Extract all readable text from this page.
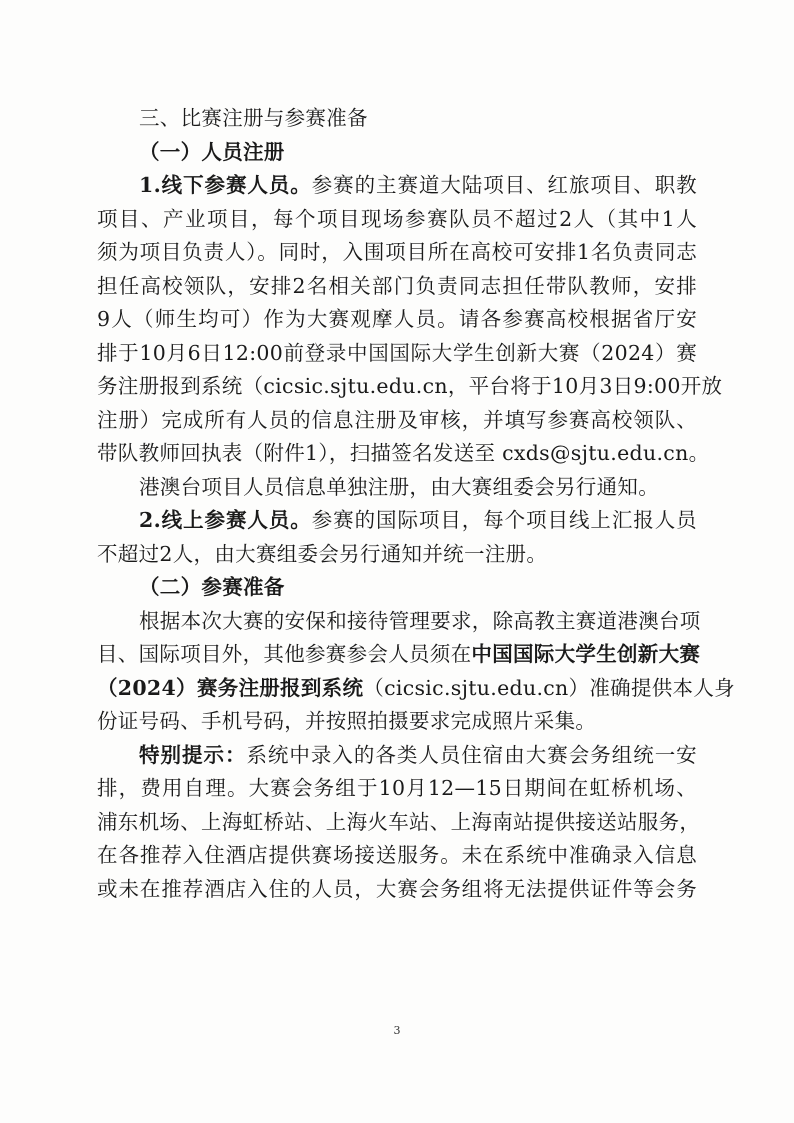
三、比赛注册与参赛准备
（一）人员注册
1.线下参赛人员。参赛的主赛道大陆项目、红旅项目、职教
项目、产业项目，每个项目现场参赛队员不超过2人（其中1人
须为项目负责人）。同时，入围项目所在高校可安排1名负责同志
担任高校领队，安排2名相关部门负责同志担任带队教师，安排
9人（师生均可）作为大赛观摩人员。请各参赛高校根据省厅安
排于10月6日12:00前登录中国国际大学生创新大赛（2024）赛
务注册报到系统（cicsic.sjtu.edu.cn，平台将于10月3日9:00开放
注册）完成所有人员的信息注册及审核，并填写参赛高校领队、
带队教师回执表（附件1），扫描签名发送至 cxds@sjtu.edu.cn。
港澳台项目人员信息单独注册，由大赛组委会另行通知。
2.线上参赛人员。参赛的国际项目，每个项目线上汇报人员
不超过2人，由大赛组委会另行通知并统一注册。
（二）参赛准备
根据本次大赛的安保和接待管理要求，除高教主赛道港澳台项
目、国际项目外，其他参赛参会人员须在中国国际大学生创新大赛
（2024）赛务注册报到系统（cicsic.sjtu.edu.cn）准确提供本人身
份证号码、手机号码，并按照拍摄要求完成照片采集。
特别提示：系统中录入的各类人员住宿由大赛会务组统一安
排，费用自理。大赛会务组于10月12—15日期间在虹桥机场、
浦东机场、上海虹桥站、上海火车站、上海南站提供接送站服务，
在各推荐入住酒店提供赛场接送服务。未在系统中准确录入信息
或未在推荐酒店入住的人员，大赛会务组将无法提供证件等会务
3
